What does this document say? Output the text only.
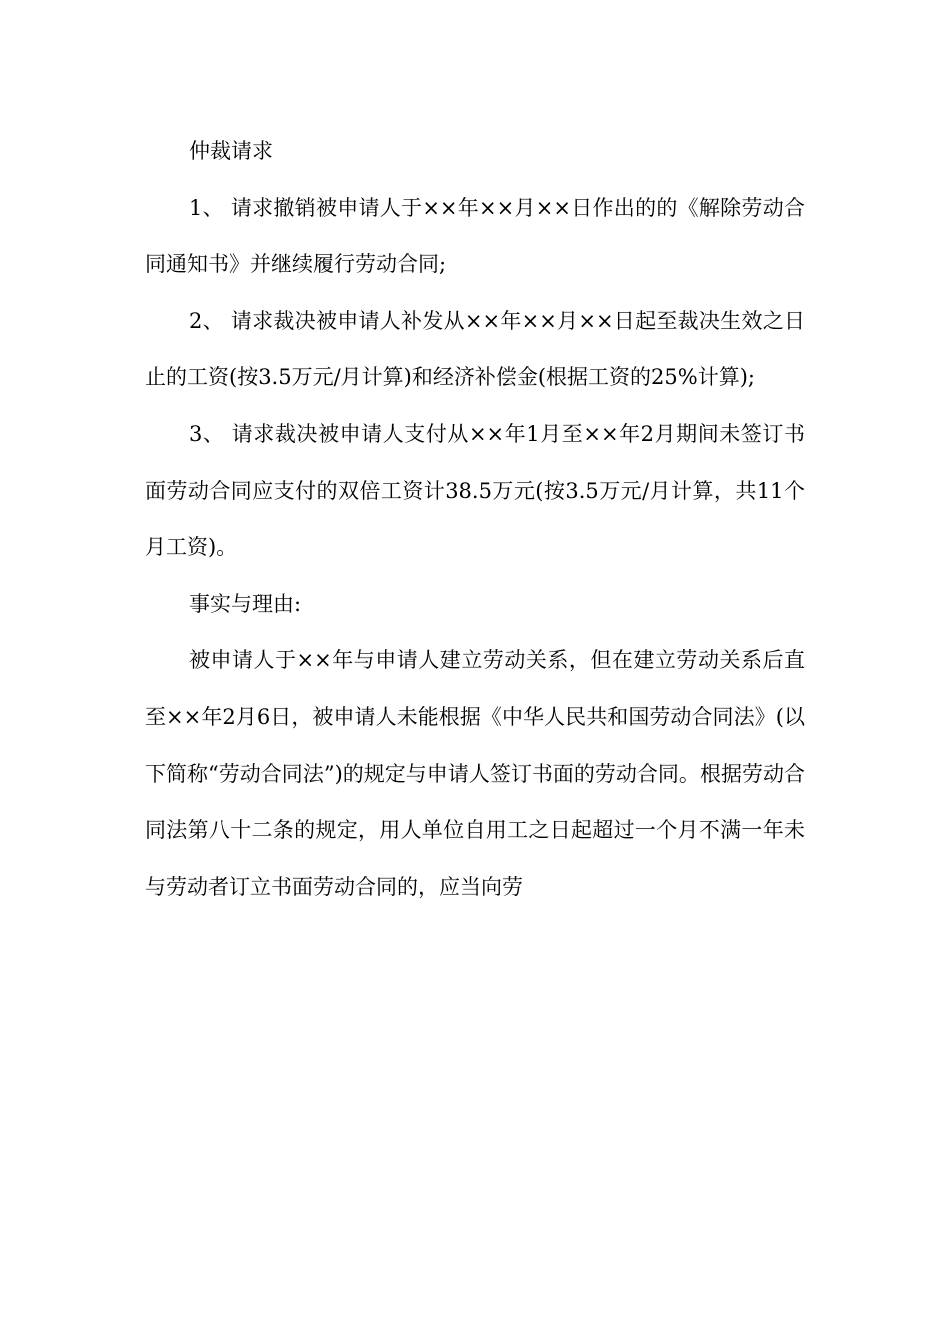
仲裁请求

1、 请求撤销被申请人于××年××月××日作出的的《解除劳动合同通知书》并继续履行劳动合同;

2、 请求裁决被申请人补发从××年××月××日起至裁决生效之日止的工资(按3.5万元/月计算)和经济补偿金(根据工资的25%计算);

3、 请求裁决被申请人支付从××年1月至××年2月期间未签订书面劳动合同应支付的双倍工资计38.5万元(按3.5万元/月计算，共11个月工资)。

事实与理由:

被申请人于××年与申请人建立劳动关系，但在建立劳动关系后直至××年2月6日，被申请人未能根据《中华人民共和国劳动合同法》(以下简称“劳动合同法”)的规定与申请人签订书面的劳动合同。根据劳动合同法第八十二条的规定，用人单位自用工之日起超过一个月不满一年未与劳动者订立书面劳动合同的，应当向劳
